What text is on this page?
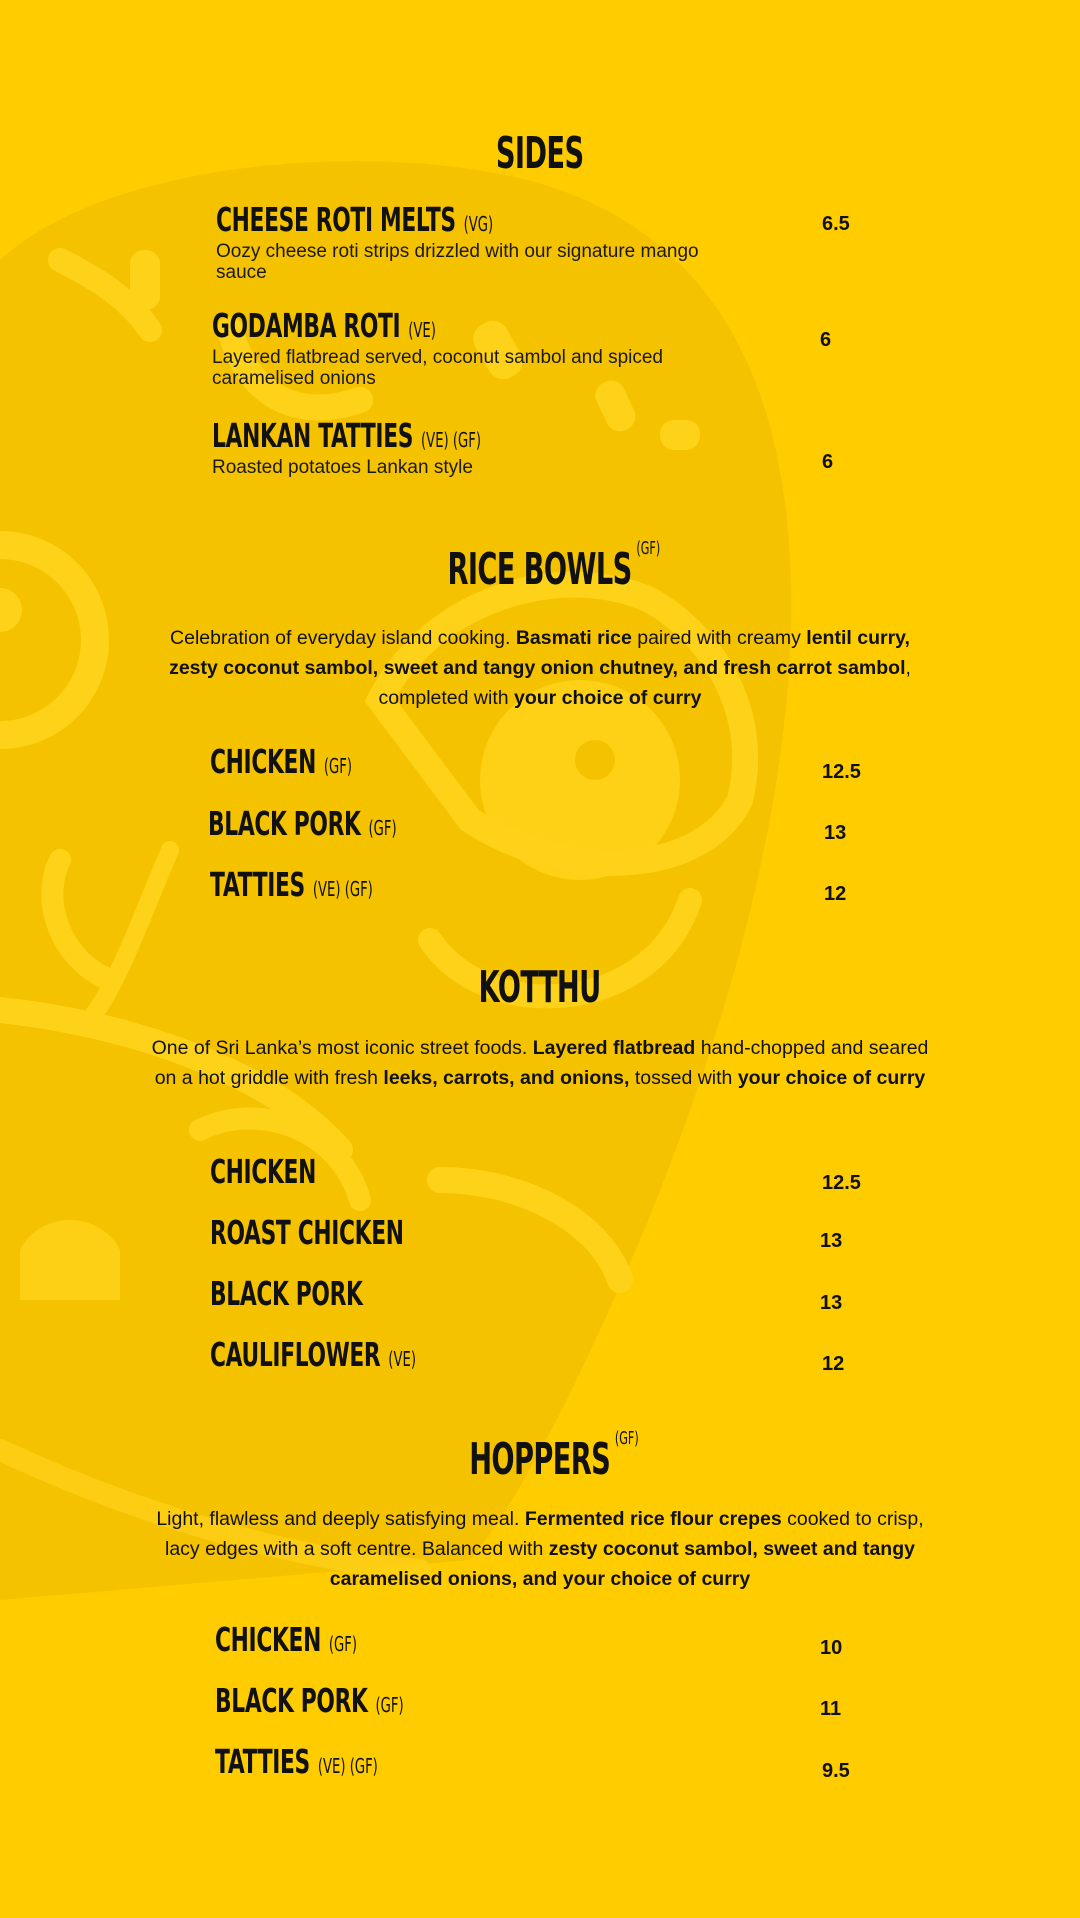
SIDES
CHEESE ROTI MELTS (VG)
Oozy cheese roti strips drizzled with our signature mango sauce
6.5
GODAMBA ROTI (VE)
Layered flatbread served, coconut sambol and spiced caramelised onions
6
LANKAN TATTIES (VE) (GF)
Roasted potatoes Lankan style	6
RICE BOWLS (GF)
Celebration of everyday island cooking. Basmati rice paired with creamy lentil curry, zesty coconut sambol, sweet and tangy onion chutney, and fresh carrot sambol, completed with your choice of curry
CHICKEN (GF)	12.5
BLACK PORK (GF)	13
TATTIES (VE) (GF)	12
KOTTHU
One of Sri Lanka’s most iconic street foods. Layered flatbread hand-chopped and seared on a hot griddle with fresh leeks, carrots, and onions, tossed with your choice of curry
CHICKEN	12.5
ROAST CHICKEN	13
BLACK PORK	13
CAULIFLOWER (VE)	12
HOPPERS (GF)
Light, flawless and deeply satisfying meal. Fermented rice flour crepes cooked to crisp, lacy edges with a soft centre. Balanced with zesty coconut sambol, sweet and tangy caramelised onions, and your choice of curry
CHICKEN (GF)	10
BLACK PORK (GF)	11
TATTIES (VE) (GF)	9.5
